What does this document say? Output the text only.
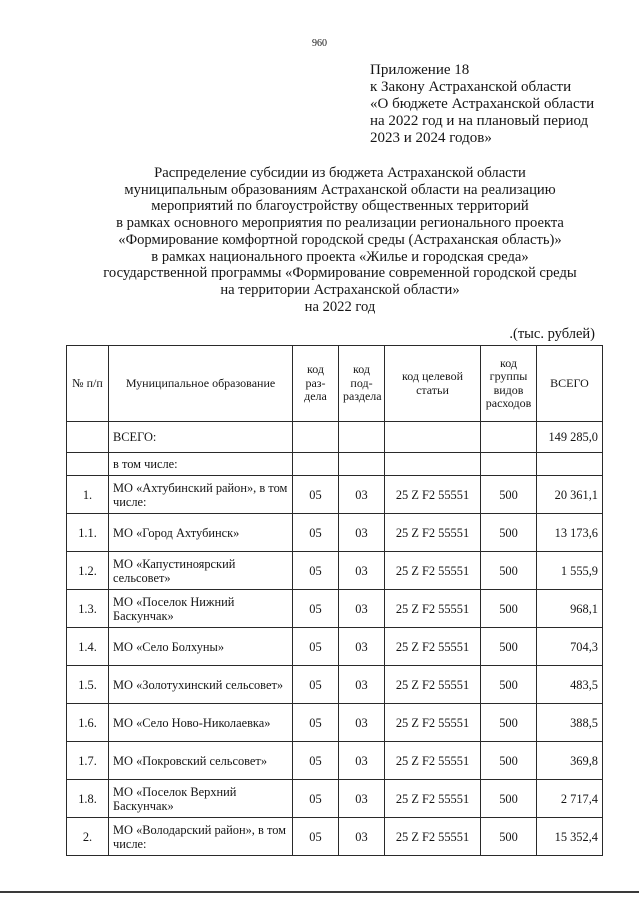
960
Приложение 18
к Закону Астраханской области
«О бюджете Астраханской области
на 2022 год и на плановый период
2023 и 2024 годов»
Распределение субсидии из бюджета Астраханской области
муниципальным образованиям Астраханской области на реализацию
мероприятий по благоустройству общественных территорий
в рамках основного мероприятия по реализации регионального проекта
«Формирование комфортной городской среды (Астраханская область)»
в рамках национального проекта «Жилье и городская среда»
государственной программы «Формирование современной городской среды
на территории Астраханской области»
на 2022 год
.(тыс. рублей)
№ п/п	Муниципальное образование	код раз- дела	код под- раздела	код целевой статьи	код группы видов расходов	ВСЕГО
	ВСЕГО:					149 285,0
	в том числе:					
1.	МО «Ахтубинский район», в том числе:	05	03	25 Z F2 55551	500	20 361,1
1.1.	МО «Город Ахтубинск»	05	03	25 Z F2 55551	500	13 173,6
1.2.	МО «Капустиноярский сельсовет»	05	03	25 Z F2 55551	500	1 555,9
1.3.	МО «Поселок Нижний Баскунчак»	05	03	25 Z F2 55551	500	968,1
1.4.	МО «Село Болхуны»	05	03	25 Z F2 55551	500	704,3
1.5.	МО «Золотухинский сельсовет»	05	03	25 Z F2 55551	500	483,5
1.6.	МО «Село Ново-Николаевка»	05	03	25 Z F2 55551	500	388,5
1.7.	МО «Покровский сельсовет»	05	03	25 Z F2 55551	500	369,8
1.8.	МО «Поселок Верхний Баскунчак»	05	03	25 Z F2 55551	500	2 717,4
2.	МО «Володарский район», в том числе:	05	03	25 Z F2 55551	500	15 352,4
